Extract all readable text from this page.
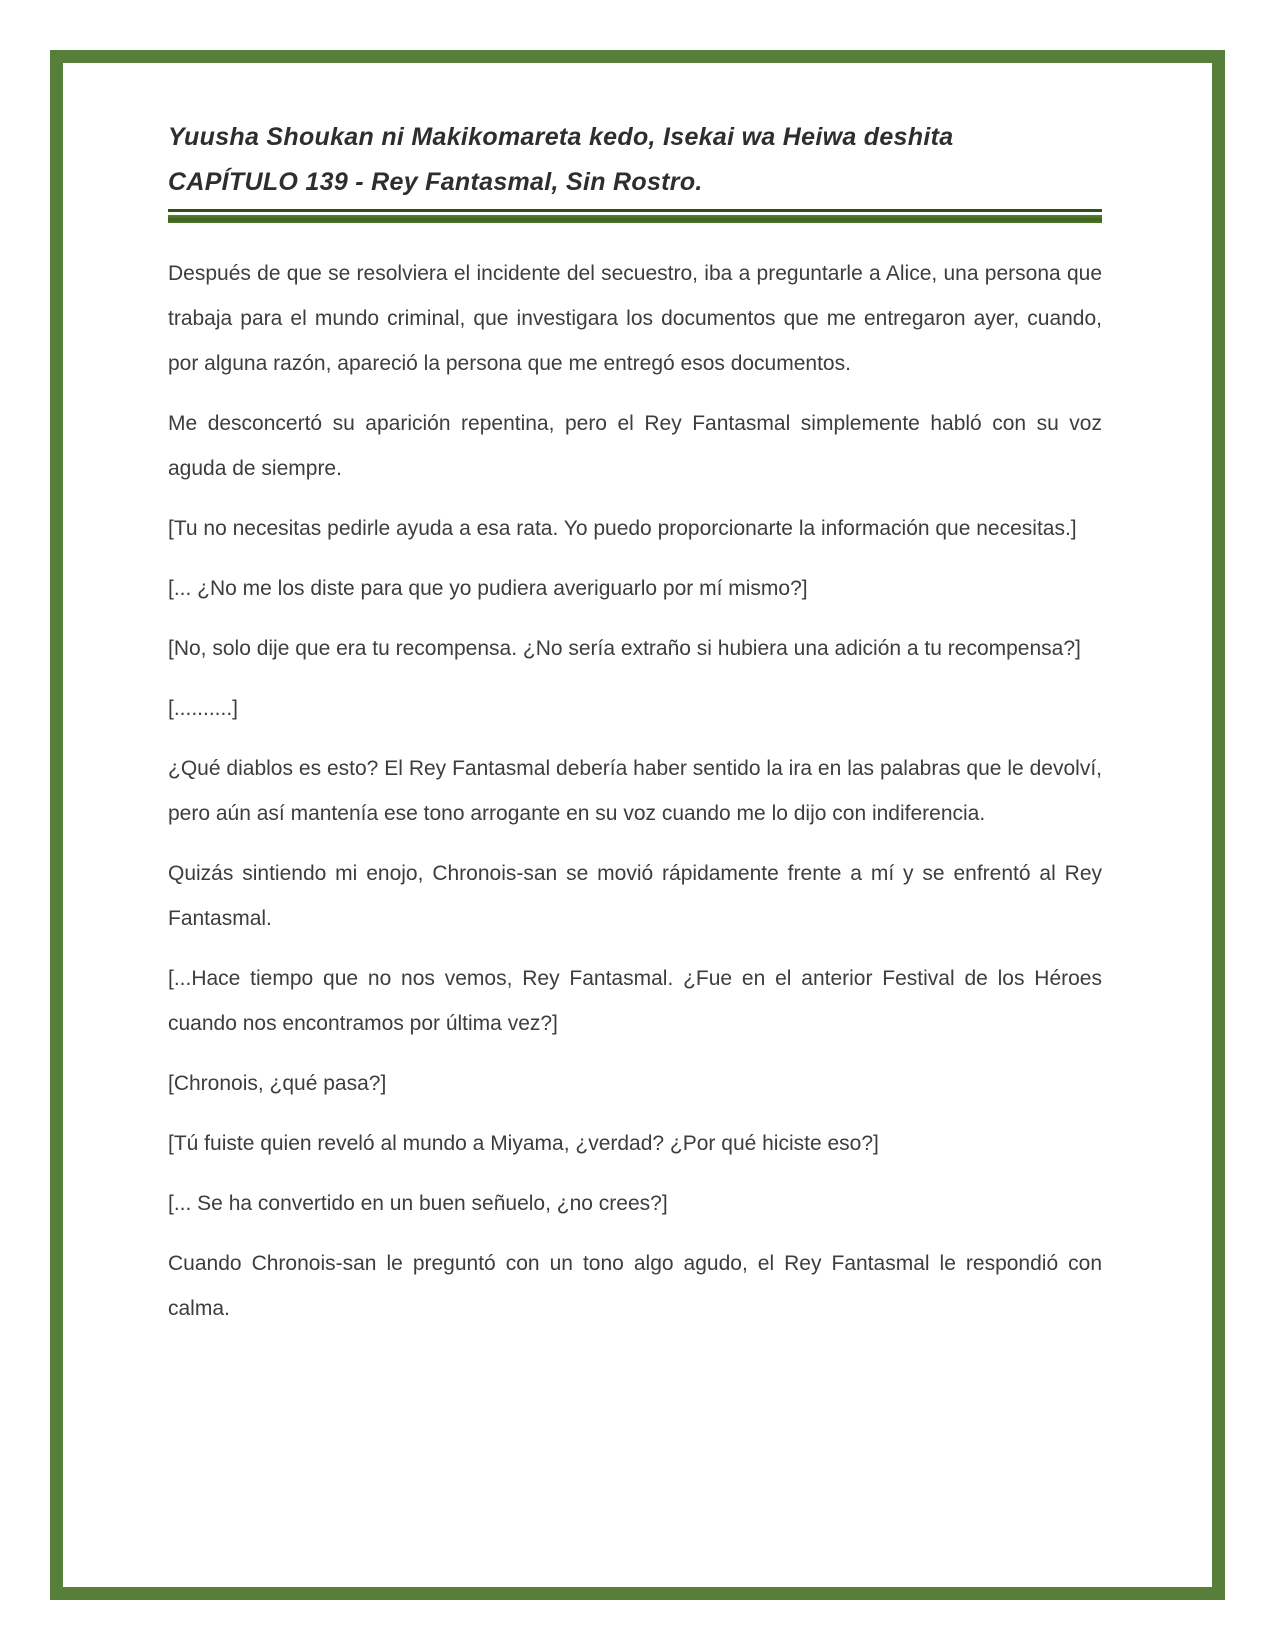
Yuusha Shoukan ni Makikomareta kedo, Isekai wa Heiwa deshita

CAPÍTULO 139 - Rey Fantasmal, Sin Rostro.

Después de que se resolviera el incidente del secuestro, iba a preguntarle a Alice, una persona que trabaja para el mundo criminal, que investigara los documentos que me entregaron ayer, cuando, por alguna razón, apareció la persona que me entregó esos documentos.

Me desconcertó su aparición repentina, pero el Rey Fantasmal simplemente habló con su voz aguda de siempre.

[Tu no necesitas pedirle ayuda a esa rata. Yo puedo proporcionarte la información que necesitas.]

[... ¿No me los diste para que yo pudiera averiguarlo por mí mismo?]

[No, solo dije que era tu recompensa. ¿No sería extraño si hubiera una adición a tu recompensa?]

[..........]

¿Qué diablos es esto? El Rey Fantasmal debería haber sentido la ira en las palabras que le devolví, pero aún así mantenía ese tono arrogante en su voz cuando me lo dijo con indiferencia.

Quizás sintiendo mi enojo, Chronois-san se movió rápidamente frente a mí y se enfrentó al Rey Fantasmal.

[...Hace tiempo que no nos vemos, Rey Fantasmal. ¿Fue en el anterior Festival de los Héroes cuando nos encontramos por última vez?]

[Chronois, ¿qué pasa?]

[Tú fuiste quien reveló al mundo a Miyama, ¿verdad? ¿Por qué hiciste eso?]

[... Se ha convertido en un buen señuelo, ¿no crees?]

Cuando Chronois-san le preguntó con un tono algo agudo, el Rey Fantasmal le respondió con calma.
